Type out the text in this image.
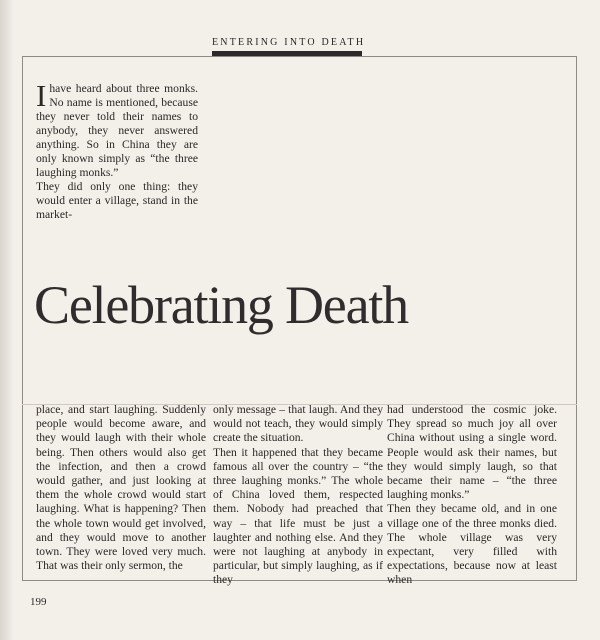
ENTERING INTO DEATH

Ihave heard about three monks. No name is mentioned, because they never told their names to anybody, they never answered anything. So in China they are only known simply as “the three laughing monks.”

They did only one thing: they would enter a village, stand in the market-

Celebrating Death

place, and start laughing. Suddenly people would become aware, and they would laugh with their whole being. Then others would also get the infection, and then a crowd would gather, and just looking at them the whole crowd would start laughing. What is happening? Then the whole town would get involved, and they would move to another town. They were loved very much. That was their only sermon, the

only message – that laugh. And they would not teach, they would simply create the situation.

Then it happened that they became famous all over the country – “the three laughing monks.” The whole of China loved them, respected them. Nobody had preached that way – that life must be just a laughter and nothing else. And they were not laughing at anybody in particular, but simply laughing, as if they

had understood the cosmic joke. They spread so much joy all over China without using a single word. People would ask their names, but they would simply laugh, so that became their name – “the three laughing monks.”

Then they became old, and in one village one of the three monks died. The whole village was very expectant, very filled with expectations, because now at least when

199
